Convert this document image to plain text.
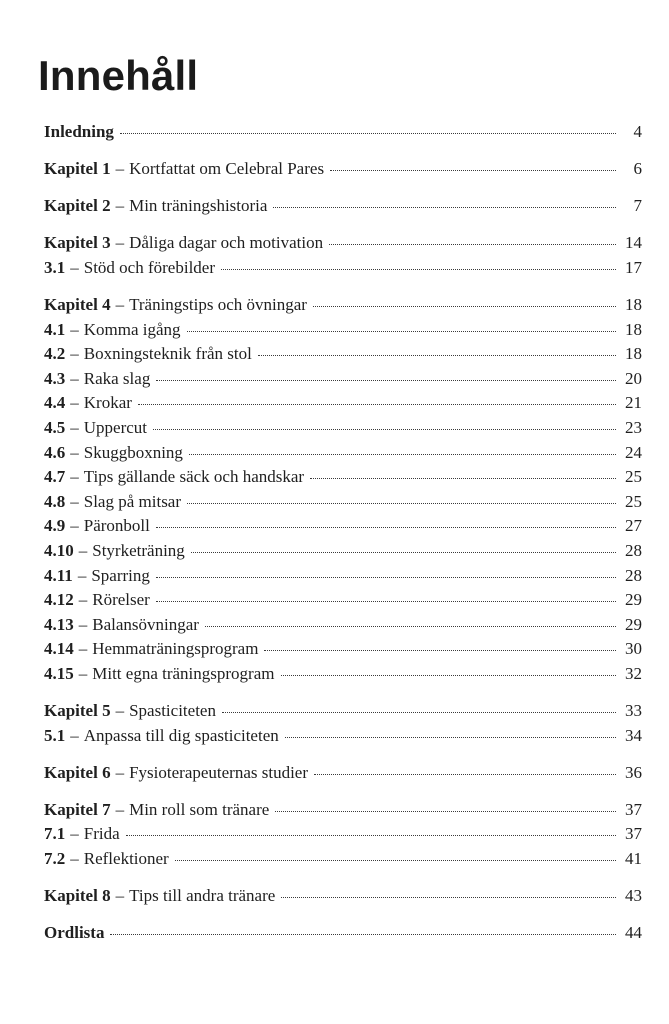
Innehåll
Inledning	4
Kapitel 1 – Kortfattat om Celebral Pares	6
Kapitel 2 – Min träningshistoria	7
Kapitel 3 – Dåliga dagar och motivation	14
3.1 – Stöd och förebilder	17
Kapitel 4 – Träningstips och övningar	18
4.1 – Komma igång	18
4.2 – Boxningsteknik från stol	18
4.3 – Raka slag	20
4.4 – Krokar	21
4.5 – Uppercut	23
4.6 – Skuggboxning	24
4.7 – Tips gällande säck och handskar	25
4.8 – Slag på mitsar	25
4.9 – Päronboll	27
4.10 – Styrketräning	28
4.11 – Sparring	28
4.12 – Rörelser	29
4.13 – Balansövningar	29
4.14 – Hemmaträningsprogram	30
4.15 – Mitt egna träningsprogram	32
Kapitel 5 – Spasticiteten	33
5.1 – Anpassa till dig spasticiteten	34
Kapitel 6 – Fysioterapeuternas studier	36
Kapitel 7 – Min roll som tränare	37
7.1 – Frida	37
7.2 – Reflektioner	41
Kapitel 8 – Tips till andra tränare	43
Ordlista	44
